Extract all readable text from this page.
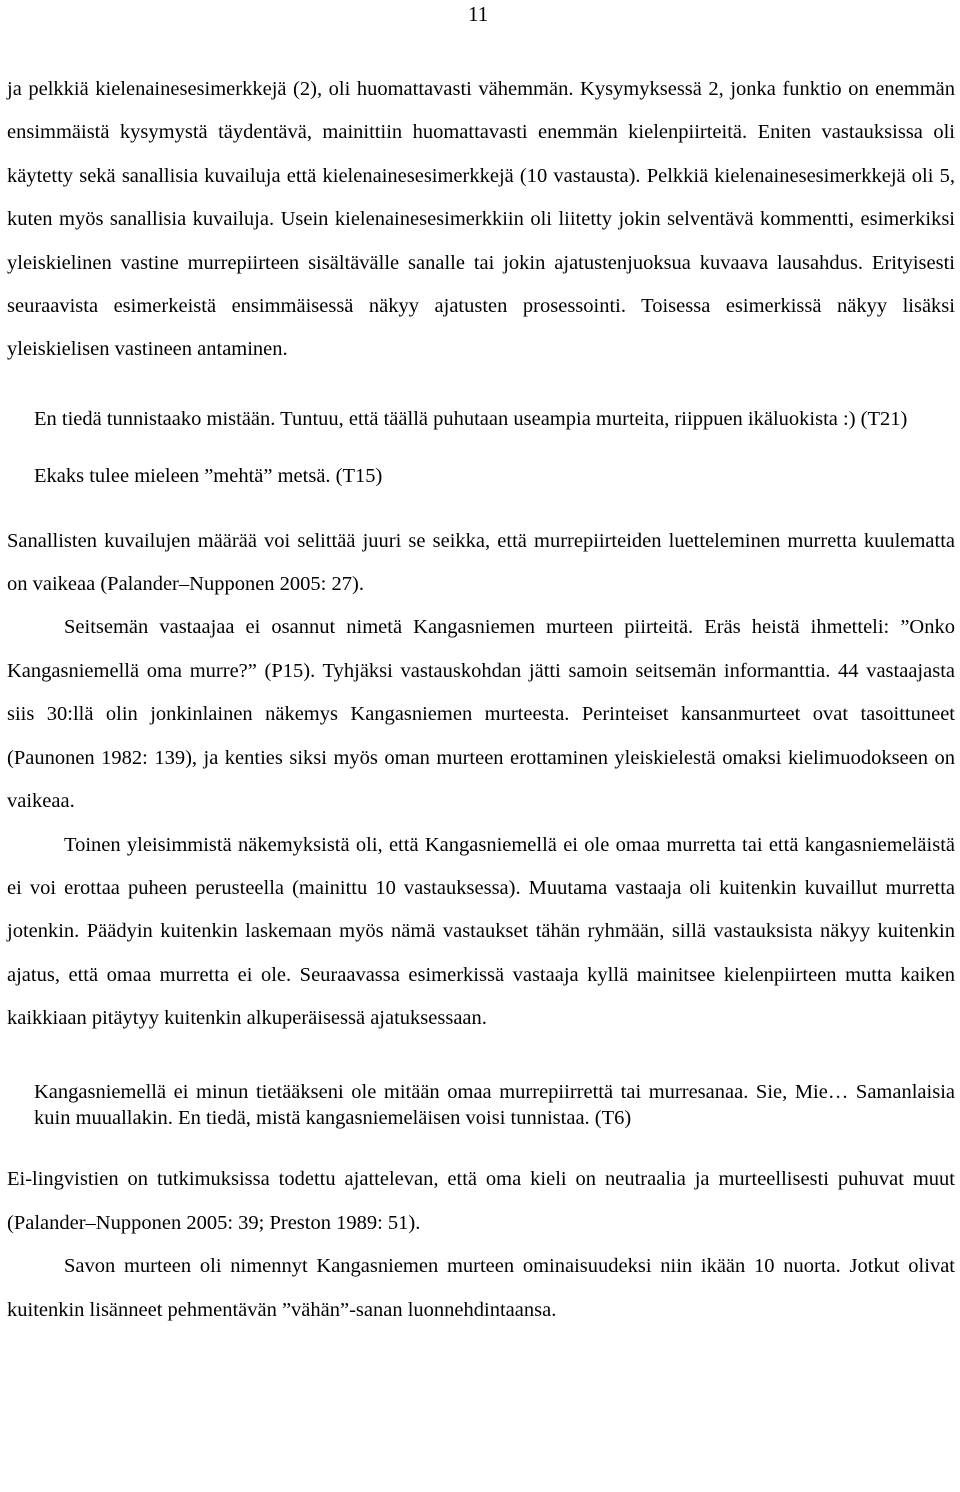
11

ja pelkkiä kielenainesesimerkkejä (2), oli huomattavasti vähemmän. Kysymyksessä 2, jonka funktio on enemmän ensimmäistä kysymystä täydentävä, mainittiin huomattavasti enemmän kielenpiirteitä. Eniten vastauksissa oli käytetty sekä sanallisia kuvailuja että kielenainesesimerkkejä (10 vastausta). Pelkkiä kielenainesesimerkkejä oli 5, kuten myös sanallisia kuvailuja. Usein kielenainesesimerkkiin oli liitetty jokin selventävä kommentti, esimerkiksi yleiskielinen vastine murrepiirteen sisältävälle sanalle tai jokin ajatustenjuoksua kuvaava lausahdus. Erityisesti seuraavista esimerkeistä ensimmäisessä näkyy ajatusten prosessointi. Toisessa esimerkissä näkyy lisäksi yleiskielisen vastineen antaminen.

En tiedä tunnistaako mistään. Tuntuu, että täällä puhutaan useampia murteita, riippuen ikäluokista :) (T21)

Ekaks tulee mieleen ”mehtä” metsä. (T15)

Sanallisten kuvailujen määrää voi selittää juuri se seikka, että murrepiirteiden luetteleminen murretta kuulematta on vaikeaa (Palander–Nupponen 2005: 27).

Seitsemän vastaajaa ei osannut nimetä Kangasniemen murteen piirteitä. Eräs heistä ihmetteli: ”Onko Kangasniemellä oma murre?” (P15). Tyhjäksi vastauskohdan jätti samoin seitsemän informanttia. 44 vastaajasta siis 30:llä olin jonkinlainen näkemys Kangasniemen murteesta. Perinteiset kansanmurteet ovat tasoittuneet (Paunonen 1982: 139), ja kenties siksi myös oman murteen erottaminen yleiskielestä omaksi kielimuodokseen on vaikeaa.

Toinen yleisimmistä näkemyksistä oli, että Kangasniemellä ei ole omaa murretta tai että kangasniemeläistä ei voi erottaa puheen perusteella (mainittu 10 vastauksessa). Muutama vastaaja oli kuitenkin kuvaillut murretta jotenkin. Päädyin kuitenkin laskemaan myös nämä vastaukset tähän ryhmään, sillä vastauksista näkyy kuitenkin ajatus, että omaa murretta ei ole. Seuraavassa esimerkissä vastaaja kyllä mainitsee kielenpiirteen mutta kaiken kaikkiaan pitäytyy kuitenkin alkuperäisessä ajatuksessaan.

Kangasniemellä ei minun tietääkseni ole mitään omaa murrepiirrettä tai murresanaa. Sie, Mie… Samanlaisia kuin muuallakin. En tiedä, mistä kangasniemeläisen voisi tunnistaa. (T6)

Ei-lingvistien on tutkimuksissa todettu ajattelevan, että oma kieli on neutraalia ja murteellisesti puhuvat muut (Palander–Nupponen 2005: 39; Preston 1989: 51).

Savon murteen oli nimennyt Kangasniemen murteen ominaisuudeksi niin ikään 10 nuorta. Jotkut olivat kuitenkin lisänneet pehmentävän ”vähän”-sanan luonnehdintaansa.
